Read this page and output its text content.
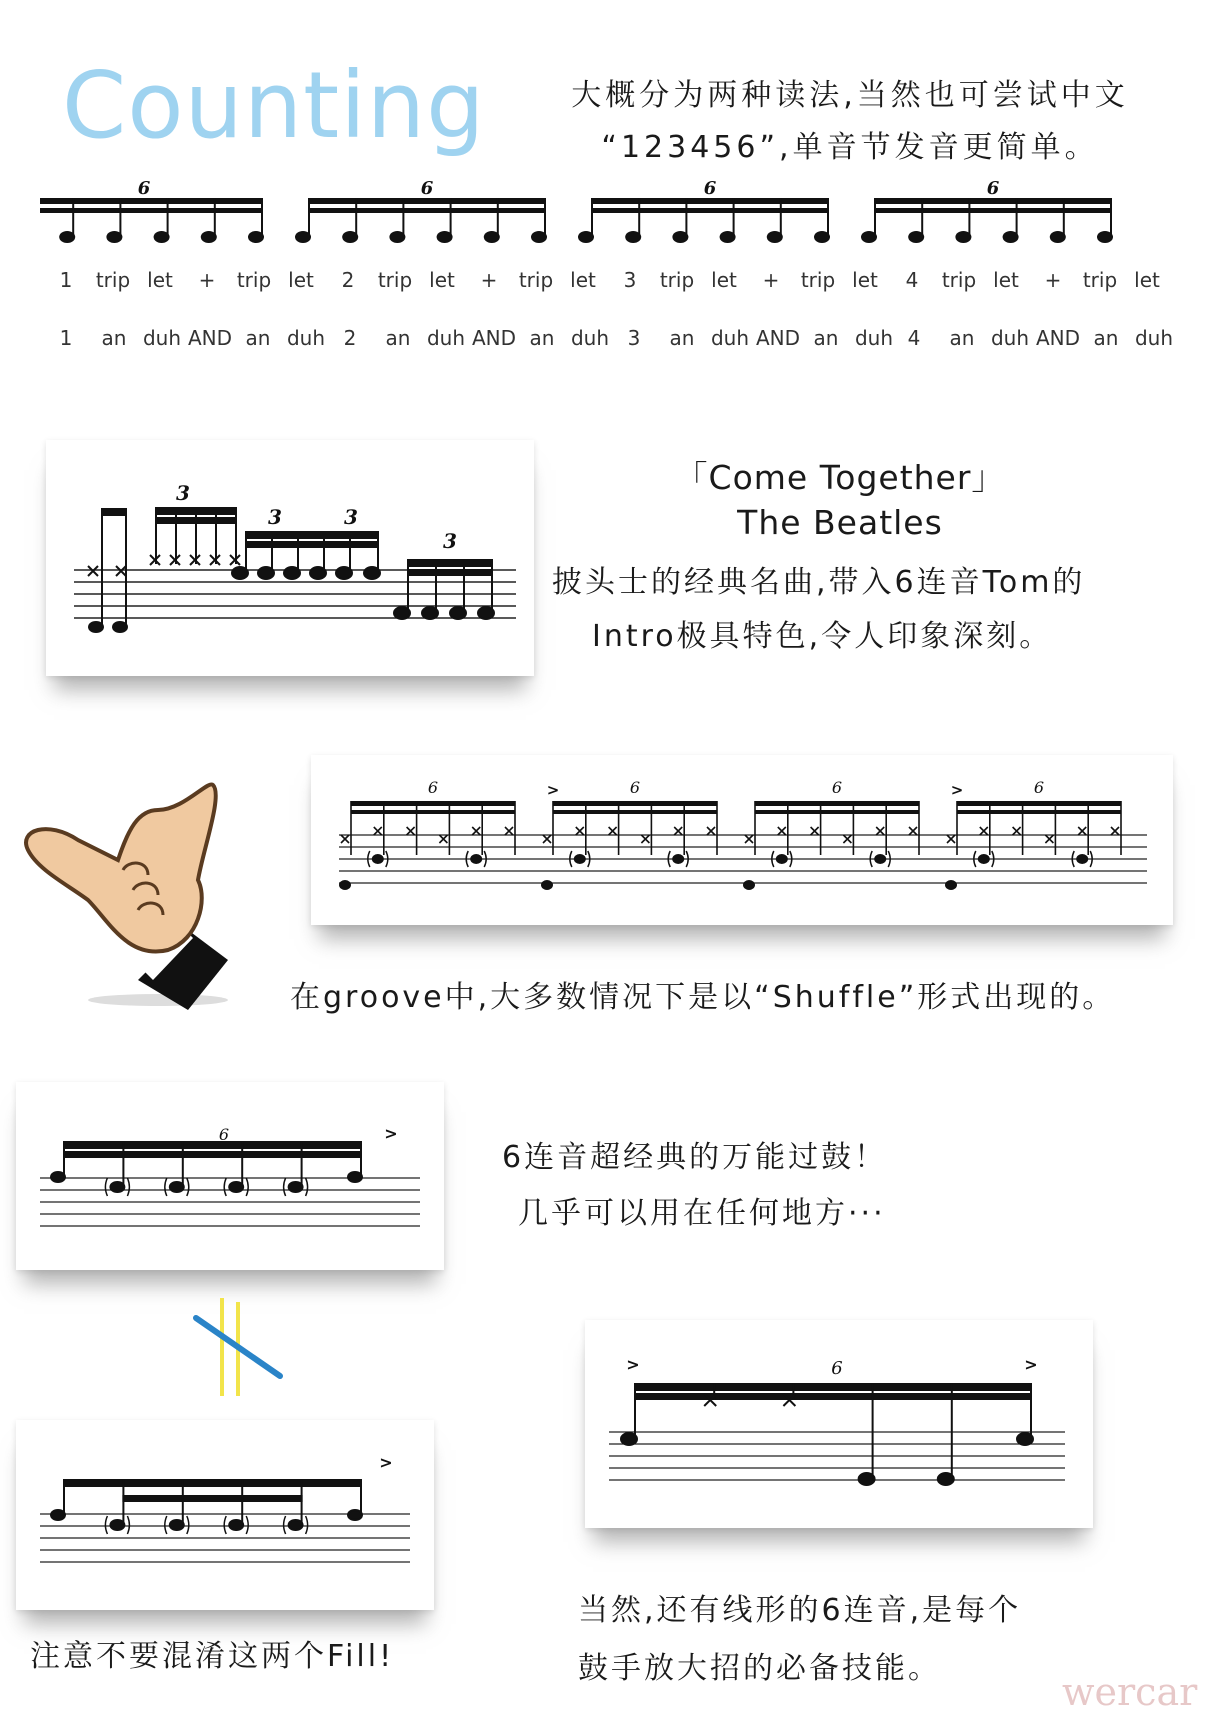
Counting	大概分为两种读法,当然也可尝试中文
“123456”,单音节发音更简单。
6	6	6	6
1 trip let + trip let 2 trip let + trip let 3 trip let + trip let 4 trip let + trip let
1 an duh AND an duh 2 an duh AND an duh 3 an duh AND an duh 4 an duh AND an duh
3
3	3
3
「Come Together」
The Beatles
披头士的经典名曲,带入6连音Tom的
Intro极具特色,令人印象深刻。
6	6
>	6	6
>
在groove中,大多数情况下是以“Shuffle”形式出现的。
6	>
6连音超经典的万能过鼓！
几乎可以用在任何地方···
>
注意不要混淆这两个Fill!
6
>	>
当然,还有线形的6连音,是每个
鼓手放大招的必备技能。
wercar
